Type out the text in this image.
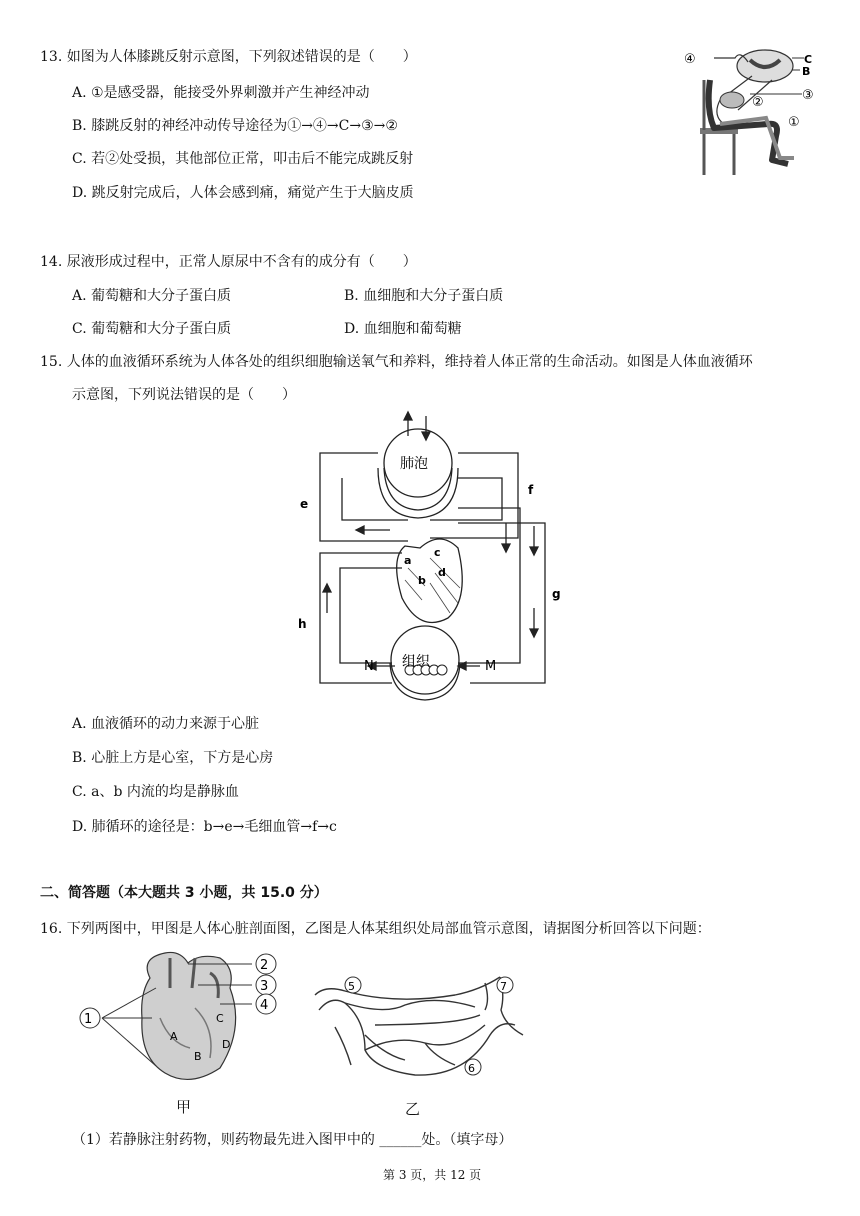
13. 如图为人体膝跳反射示意图，下列叙述错误的是（　　）
A. ①是感受器，能接受外界刺激并产生神经冲动
B. 膝跳反射的神经冲动传导途径为①→④→C→③→②
C. 若②处受损，其他部位正常，叩击后不能完成跳反射
D. 跳反射完成后，人体会感到痛，痛觉产生于大脑皮质
④	C
B
②	③
①
14. 尿液形成过程中，正常人原尿中不含有的成分有（　　）
A. 葡萄糖和大分子蛋白质	B. 血细胞和大分子蛋白质
C. 葡萄糖和大分子蛋白质	D. 血细胞和葡萄糖
15. 人体的血液循环系统为人体各处的组织细胞输送氧气和养料，维持着人体正常的生命活动。如图是人体血液循环
示意图，下列说法错误的是（　　）
肺泡
组织
e
f
g
h
a
b
c
d
N	M
A. 血液循环的动力来源于心脏
B. 心脏上方是心室，下方是心房
C. a、b 内流的均是静脉血
D. 肺循环的途径是：b→e→毛细血管→f→c
二、简答题（本大题共 3 小题，共 15.0 分）
16. 下列两图中，甲图是人体心脏剖面图，乙图是人体某组织处局部血管示意图，请据图分析回答以下问题：
1
2
3
4
A
B
C
D
甲
5	7
6
乙
（1）若静脉注射药物，则药物最先进入图甲中的 ______处。（填字母）
第 3 页，共 12 页
